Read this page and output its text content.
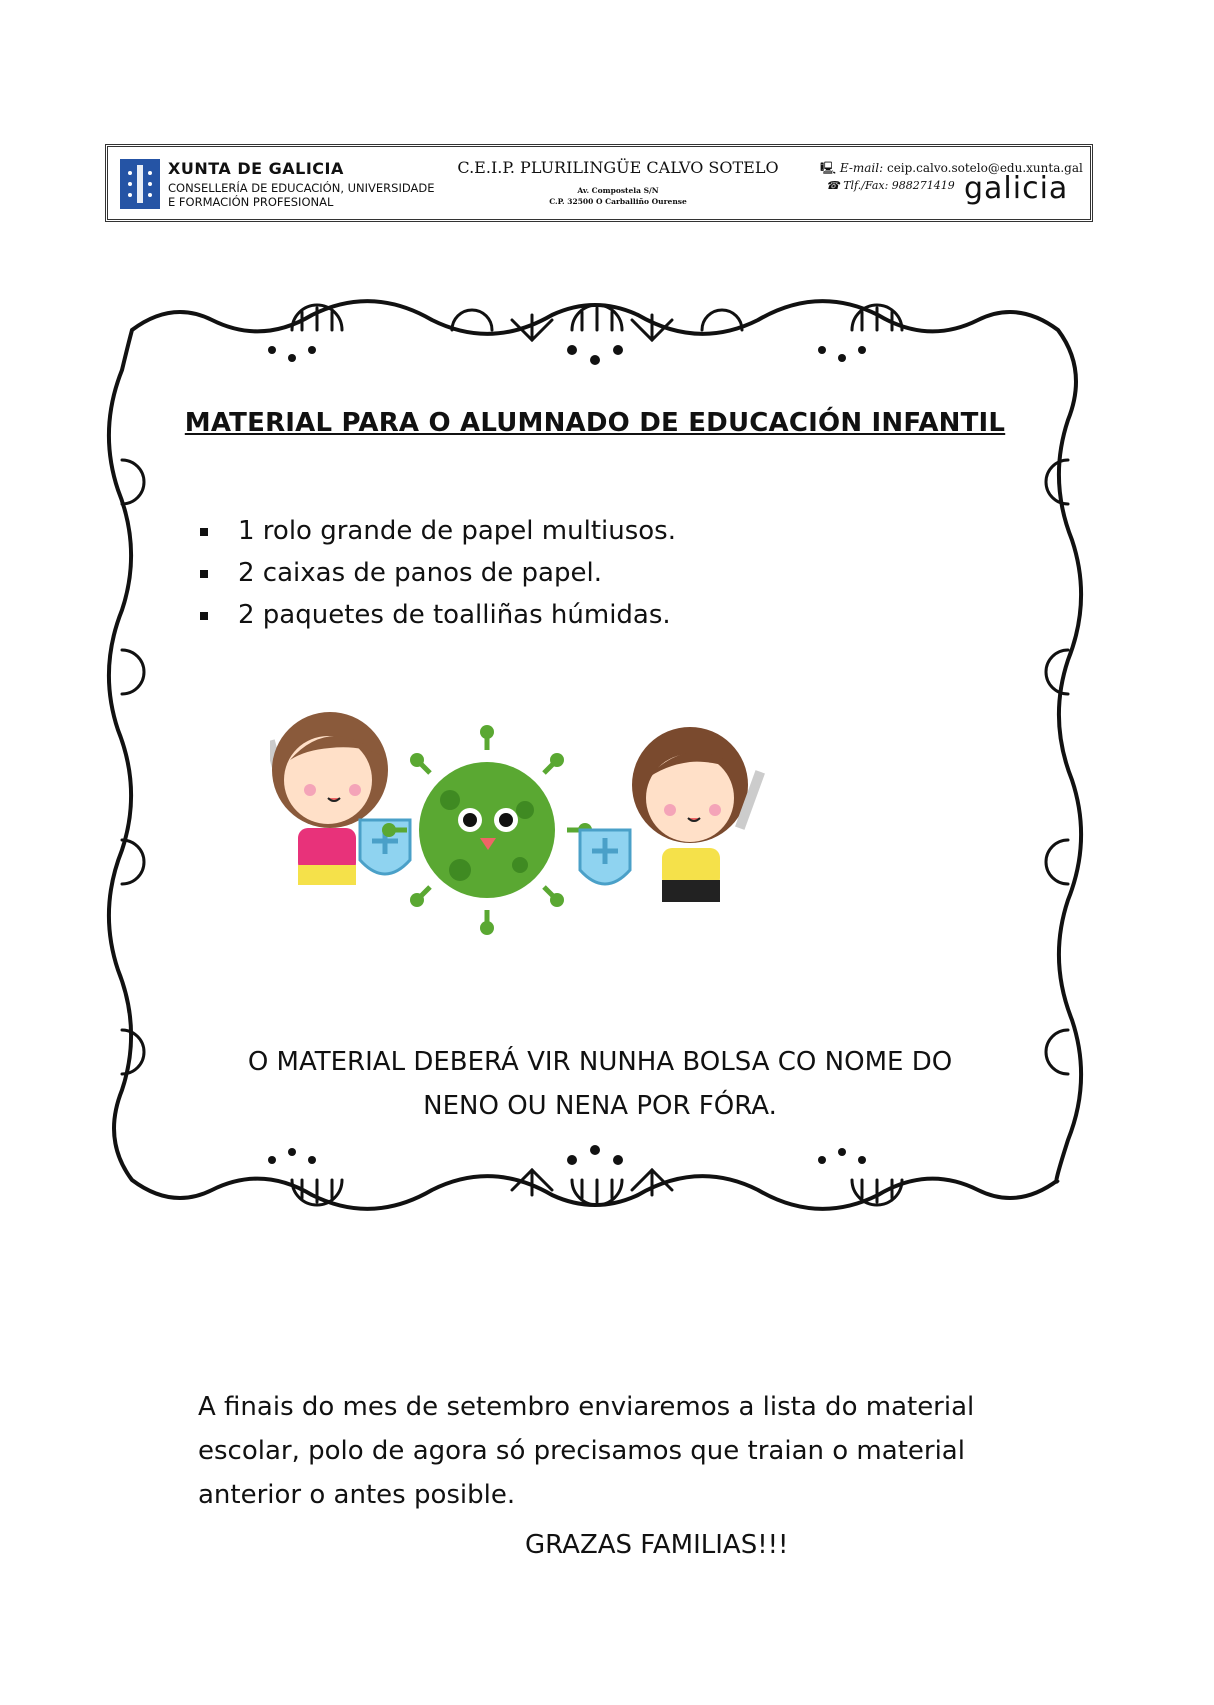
XUNTA DE GALICIA
CONSELLERÍA DE EDUCACIÓN, UNIVERSIDADE
E FORMACIÓN PROFESIONAL
C.E.I.P. PLURILINGÜE CALVO SOTELO
Av. Compostela S/N
C.P. 32500 O Carballiño Ourense
🖳 E-mail: ceip.calvo.sotelo@edu.xunta.gal
☎ Tlf./Fax: 988271419 galicia
MATERIAL PARA O ALUMNADO DE EDUCACIÓN INFANTIL
1 rolo grande de papel multiusos.
2 caixas de panos de papel.
2 paquetes de toalliñas húmidas.
O MATERIAL DEBERÁ VIR NUNHA BOLSA CO NOME DO
NENO OU NENA POR FÓRA.
A finais do mes de setembro enviaremos a lista do material
escolar, polo de agora só precisamos que traian o material
anterior o antes posible.
GRAZAS FAMILIAS!!!
